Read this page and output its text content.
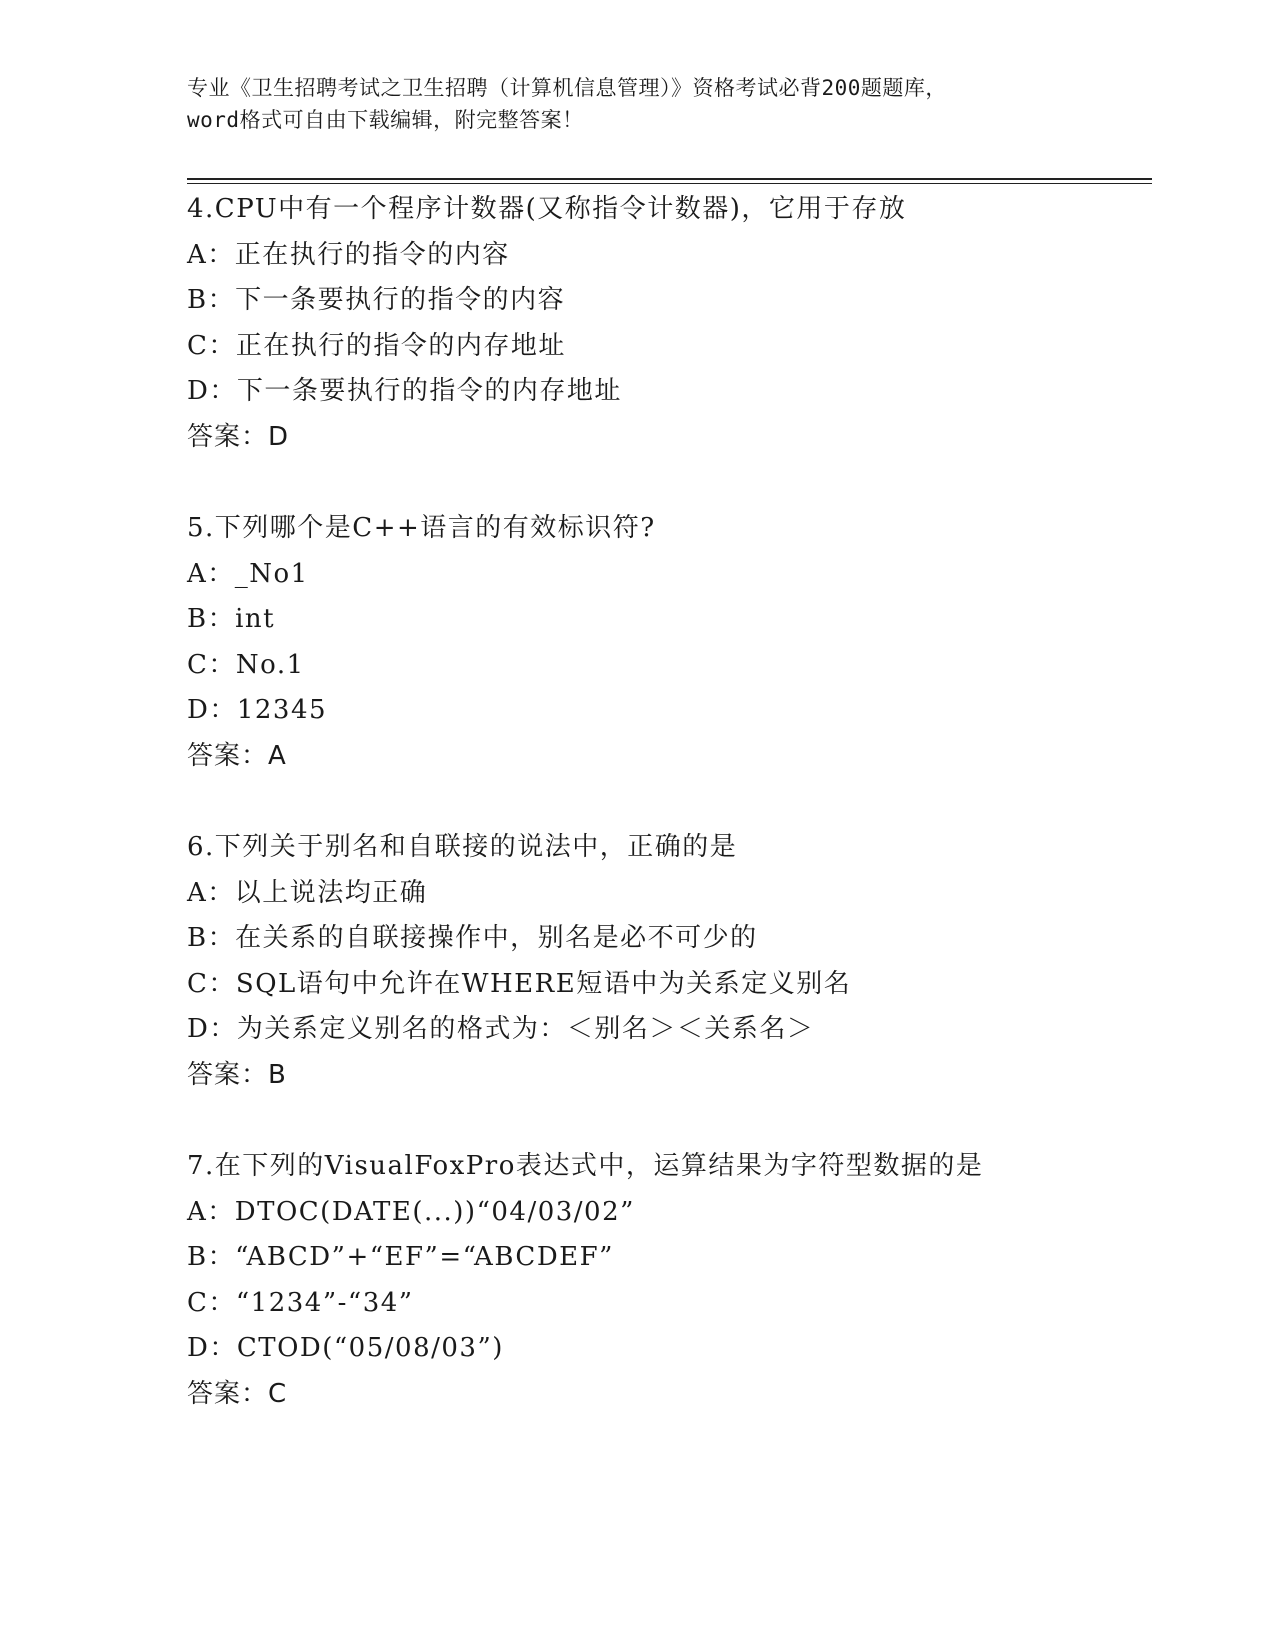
专业《卫生招聘考试之卫生招聘（计算机信息管理）》资格考试必背200题题库，
word格式可自由下载编辑，附完整答案！
4.CPU中有一个程序计数器(又称指令计数器)，它用于存放
A：正在执行的指令的内容
B：下一条要执行的指令的内容
C：正在执行的指令的内存地址
D：下一条要执行的指令的内存地址
答案：D
5.下列哪个是C++语言的有效标识符?
A：_No1
B：int
C：No.1
D：12345
答案：A
6.下列关于别名和自联接的说法中，正确的是
A：以上说法均正确
B：在关系的自联接操作中，别名是必不可少的
C：SQL语句中允许在WHERE短语中为关系定义别名
D：为关系定义别名的格式为：＜别名＞＜关系名＞
答案：B
7.在下列的VisualFoxPro表达式中，运算结果为字符型数据的是
A：DTOC(DATE(...))“04/03/02”
B：“ABCD”+“EF”=“ABCDEF”
C：“1234”-“34”
D：CTOD(“05/08/03”)
答案：C
